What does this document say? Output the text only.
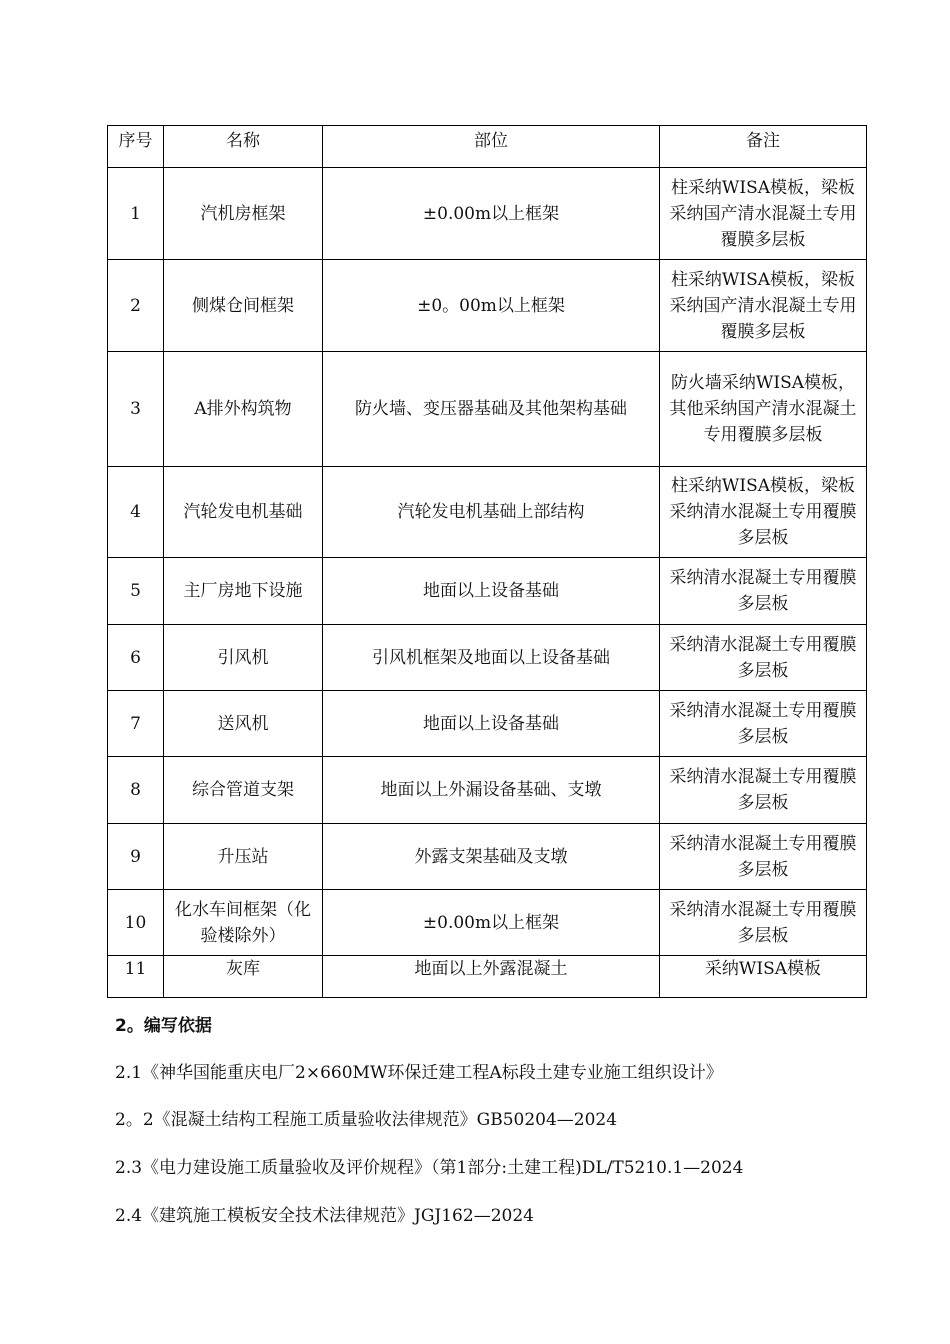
序号	名称	部位	备注
1	汽机房框架	±0.00m以上框架	柱采纳WISA模板，梁板采纳国产清水混凝土专用覆膜多层板
2	侧煤仓间框架	±0。00m以上框架	柱采纳WISA模板，梁板采纳国产清水混凝土专用覆膜多层板
3	A排外构筑物	防火墙、变压器基础及其他架构基础	防火墙采纳WISA模板，其他采纳国产清水混凝土专用覆膜多层板
4	汽轮发电机基础	汽轮发电机基础上部结构	柱采纳WISA模板，梁板采纳清水混凝土专用覆膜多层板
5	主厂房地下设施	地面以上设备基础	采纳清水混凝土专用覆膜多层板
6	引风机	引风机框架及地面以上设备基础	采纳清水混凝土专用覆膜多层板
7	送风机	地面以上设备基础	采纳清水混凝土专用覆膜多层板
8	综合管道支架	地面以上外漏设备基础、支墩	采纳清水混凝土专用覆膜多层板
9	升压站	外露支架基础及支墩	采纳清水混凝土专用覆膜多层板
10	化水车间框架（化验楼除外）	±0.00m以上框架	采纳清水混凝土专用覆膜多层板
11	灰库	地面以上外露混凝土	采纳WISA模板

2。编写依据

2.1《神华国能重庆电厂2×660MW环保迁建工程A标段土建专业施工组织设计》

2。2《混凝土结构工程施工质量验收法律规范》GB50204—2024

2.3《电力建设施工质量验收及评价规程》（第1部分:土建工程)DL/T5210.1—2024

2.4《建筑施工模板安全技术法律规范》JGJ162—2024
